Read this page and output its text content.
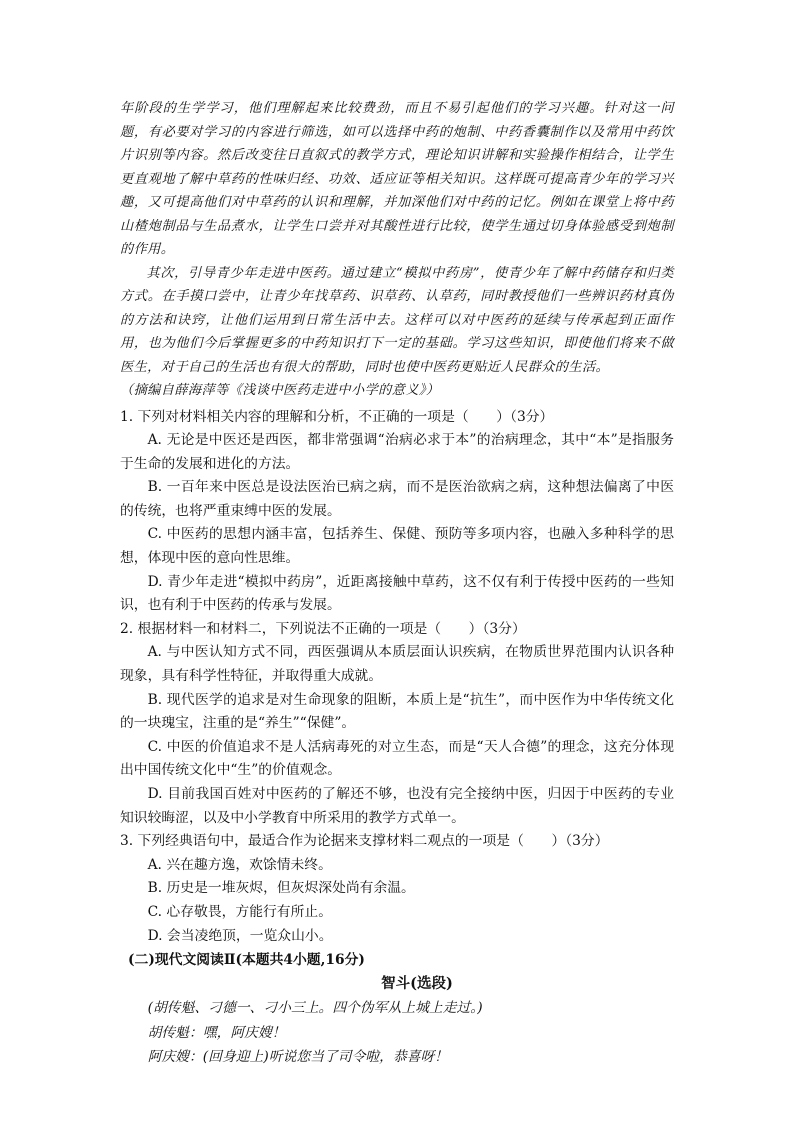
年阶段的生学学习，他们理解起来比较费劲，而且不易引起他们的学习兴趣。针对这一问题，有必要对学习的内容进行筛选，如可以选择中药的炮制、中药香囊制作以及常用中药饮片识别等内容。然后改变往日直叙式的教学方式，理论知识讲解和实验操作相结合，让学生更直观地了解中草药的性味归经、功效、适应证等相关知识。这样既可提高青少年的学习兴趣，又可提高他们对中草药的认识和理解，并加深他们对中药的记忆。例如在课堂上将中药山楂炮制品与生品煮水，让学生口尝并对其酸性进行比较，使学生通过切身体验感受到炮制的作用。

其次，引导青少年走进中医药。通过建立“模拟中药房”，使青少年了解中药储存和归类方式。在手摸口尝中，让青少年找草药、识草药、认草药，同时教授他们一些辨识药材真伪的方法和诀窍，让他们运用到日常生活中去。这样可以对中医药的延续与传承起到正面作用，也为他们今后掌握更多的中药知识打下一定的基础。学习这些知识，即使他们将来不做医生，对于自己的生活也有很大的帮助，同时也使中医药更贴近人民群众的生活。

（摘编自薛海萍等《浅谈中医药走进中小学的意义》）

1. 下列对材料相关内容的理解和分析，不正确的一项是（　　）（3分）

A. 无论是中医还是西医，都非常强调“治病必求于本”的治病理念，其中“本”是指服务于生命的发展和进化的方法。

B. 一百年来中医总是设法医治已病之病，而不是医治欲病之病，这种想法偏离了中医的传统，也将严重束缚中医的发展。

C. 中医药的思想内涵丰富，包括养生、保健、预防等多项内容，也融入多种科学的思想，体现中医的意向性思维。

D. 青少年走进“模拟中药房”，近距离接触中草药，这不仅有利于传授中医药的一些知识，也有利于中医药的传承与发展。

2. 根据材料一和材料二，下列说法不正确的一项是（　　）（3分）

A. 与中医认知方式不同，西医强调从本质层面认识疾病，在物质世界范围内认识各种现象，具有科学性特征，并取得重大成就。

B. 现代医学的追求是对生命现象的阻断，本质上是“抗生”，而中医作为中华传统文化的一块瑰宝，注重的是“养生”“保健”。

C. 中医的价值追求不是人活病毒死的对立生态，而是“天人合德”的理念，这充分体现出中国传统文化中“生”的价值观念。

D. 目前我国百姓对中医药的了解还不够，也没有完全接纳中医，归因于中医药的专业知识较晦涩，以及中小学教育中所采用的教学方式单一。

3. 下列经典语句中，最适合作为论据来支撑材料二观点的一项是（　　）（3分）

A. 兴在趣方逸，欢馀情未终。

B. 历史是一堆灰烬，但灰烬深处尚有余温。

C. 心存敬畏，方能行有所止。

D. 会当凌绝顶，一览众山小。

(二)现代文阅读Ⅱ(本题共4小题,16分)
智斗(选段)

(胡传魁、刁德一、刁小三上。四个伪军从上城上走过。)

胡传魁：嘿，阿庆嫂！

阿庆嫂：(回身迎上)听说您当了司令啦，恭喜呀！
